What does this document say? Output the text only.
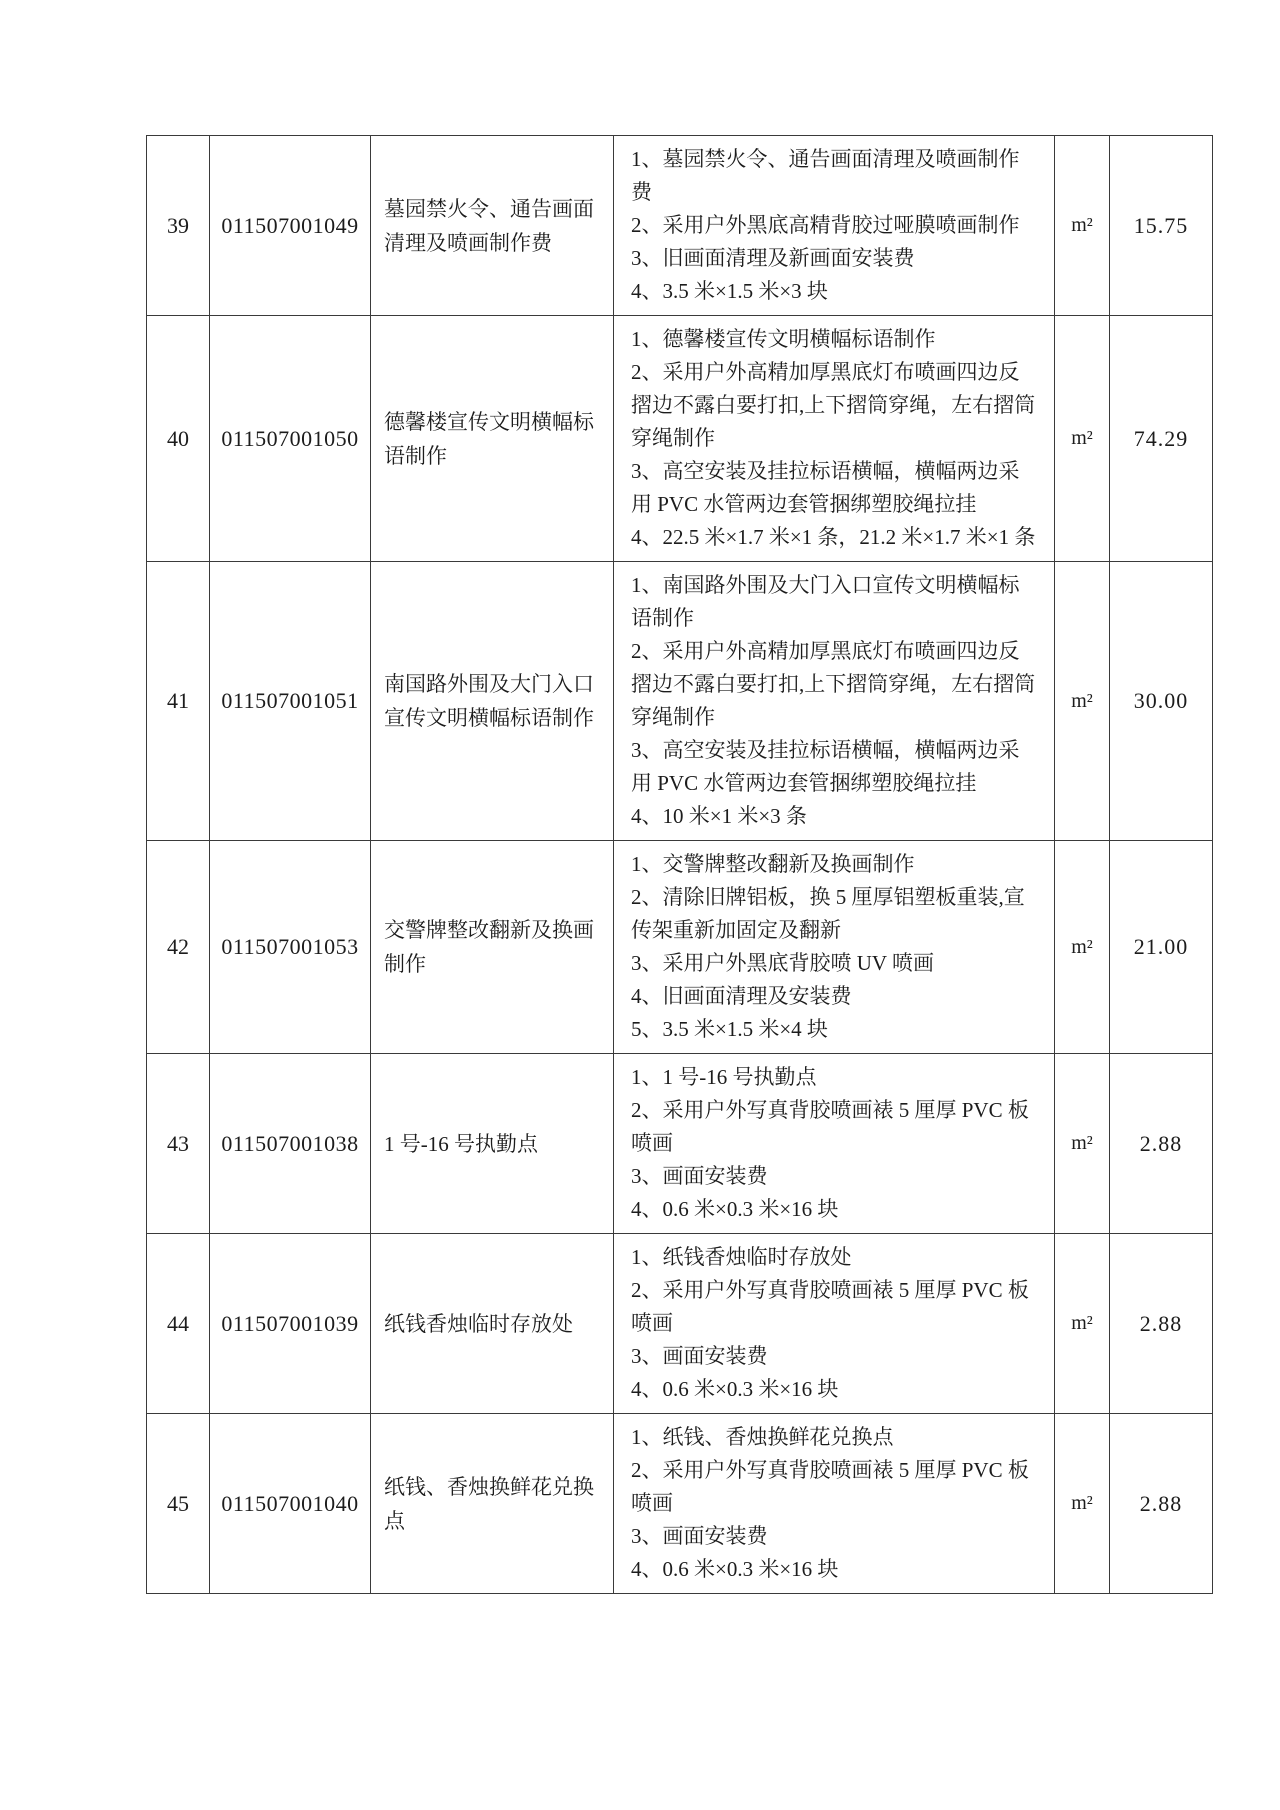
39	011507001049	墓园禁火令、通告画面清理及喷画制作费	1、墓园禁火令、通告画面清理及喷画制作费
2、采用户外黑底高精背胶过哑膜喷画制作
3、旧画面清理及新画面安装费
4、3.5 米×1.5 米×3 块	m²	15.75
40	011507001050	德馨楼宣传文明横幅标语制作	1、德馨楼宣传文明横幅标语制作
2、采用户外高精加厚黑底灯布喷画四边反摺边不露白要打扣,上下摺筒穿绳，左右摺筒穿绳制作
3、高空安装及挂拉标语横幅，横幅两边采用 PVC 水管两边套管捆绑塑胶绳拉挂
4、22.5 米×1.7 米×1 条，21.2 米×1.7 米×1 条	m²	74.29
41	011507001051	南国路外围及大门入口宣传文明横幅标语制作	1、南国路外围及大门入口宣传文明横幅标语制作
2、采用户外高精加厚黑底灯布喷画四边反摺边不露白要打扣,上下摺筒穿绳，左右摺筒穿绳制作
3、高空安装及挂拉标语横幅，横幅两边采用 PVC 水管两边套管捆绑塑胶绳拉挂
4、10 米×1 米×3 条	m²	30.00
42	011507001053	交警牌整改翻新及换画制作	1、交警牌整改翻新及换画制作
2、清除旧牌铝板，换 5 厘厚铝塑板重装,宣传架重新加固定及翻新
3、采用户外黑底背胶喷 UV 喷画
4、旧画面清理及安装费
5、3.5 米×1.5 米×4 块	m²	21.00
43	011507001038	1 号-16 号执勤点	1、1 号-16 号执勤点
2、采用户外写真背胶喷画裱 5 厘厚 PVC 板喷画
3、画面安装费
4、0.6 米×0.3 米×16 块	m²	2.88
44	011507001039	纸钱香烛临时存放处	1、纸钱香烛临时存放处
2、采用户外写真背胶喷画裱 5 厘厚 PVC 板喷画
3、画面安装费
4、0.6 米×0.3 米×16 块	m²	2.88
45	011507001040	纸钱、香烛换鲜花兑换点	1、纸钱、香烛换鲜花兑换点
2、采用户外写真背胶喷画裱 5 厘厚 PVC 板喷画
3、画面安装费
4、0.6 米×0.3 米×16 块	m²	2.88
